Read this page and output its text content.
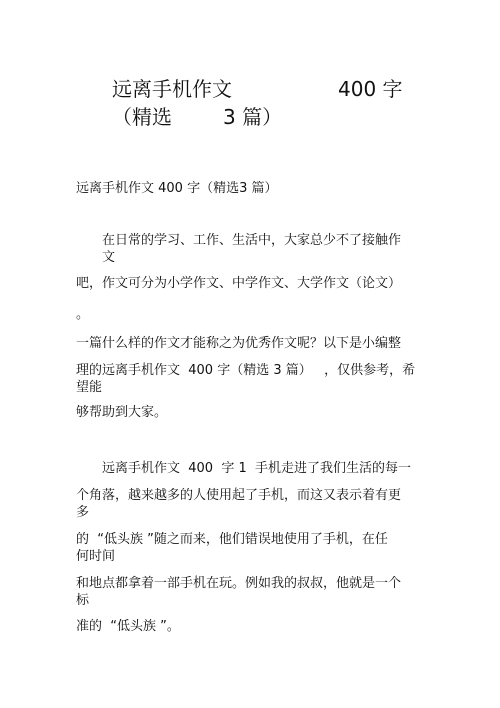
远离手机作文	400 字
（精选	3 篇）
远离手机作文 400 字（精选3 篇）
在日常的学习、工作、生活中，大家总少不了接触作
文
吧，作文可分为小学作文、中学作文、大学作文（论文）
。
一篇什么样的作文才能称之为优秀作文呢？以下是小编整
理的远离手机作文  400 字（精选 3 篇）   ，仅供参考，希
望能
够帮助到大家。
远离手机作文  400  字 1  手机走进了我们生活的每一
个角落，越来越多的人使用起了手机，而这又表示着有更
多
的  “低头族 ”随之而来，他们错误地使用了手机，在任
何时间
和地点都拿着一部手机在玩。例如我的叔叔，他就是一个
标
准的  “低头族 ”。
